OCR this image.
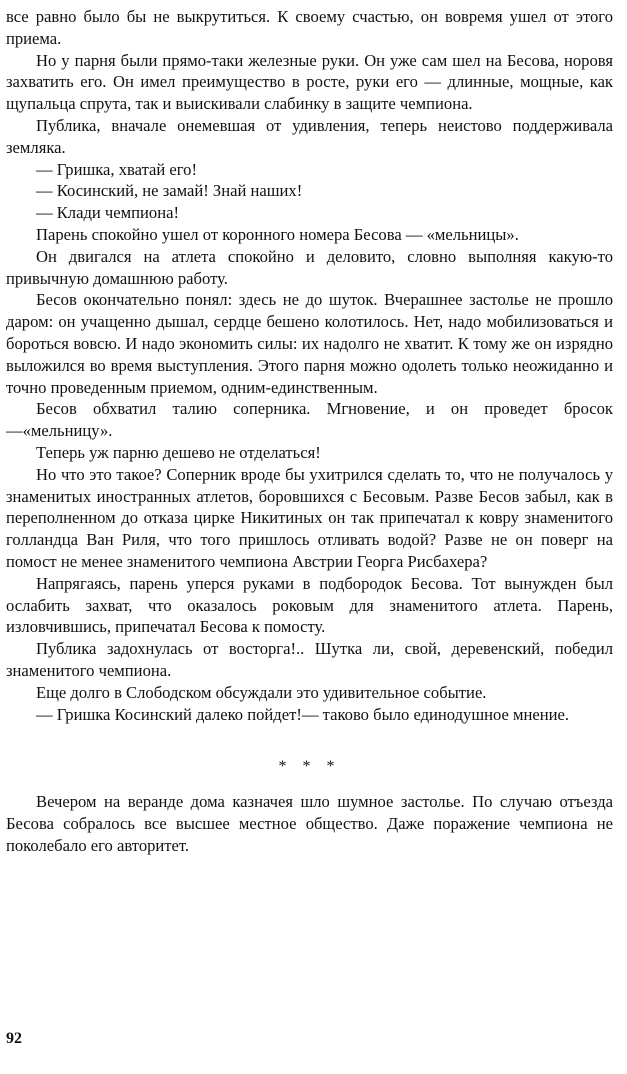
все равно было бы не выкрутиться. К своему счастью, он вовремя ушел от этого приема.

Но у парня были прямо-таки железные руки. Он уже сам шел на Бесова, норовя захватить его. Он имел преимущество в росте, руки его — длинные, мощные, как щупальца спрута, так и выискивали слабинку в защите чемпиона.

Публика, вначале онемевшая от удивления, теперь неистово поддерживала земляка.

— Гришка, хватай его!

— Косинский, не замай! Знай наших!

— Клади чемпиона!

Парень спокойно ушел от коронного номера Бесова — «мельницы».

Он двигался на атлета спокойно и деловито, словно выполняя какую-то привычную домашнюю работу.

Бесов окончательно понял: здесь не до шуток. Вчерашнее застолье не прошло даром: он учащенно дышал, сердце бешено колотилось. Нет, надо мобилизоваться и бороться вовсю. И надо экономить силы: их надолго не хватит. К тому же он изрядно выложился во время выступления. Этого парня можно одолеть только неожиданно и точно проведенным приемом, одним-единственным.

Бесов обхватил талию соперника. Мгновение, и он проведет бросок —«мельницу».

Теперь уж парню дешево не отделаться!

Но что это такое? Соперник вроде бы ухитрился сделать то, что не получалось у знаменитых иностранных атлетов, боровшихся с Бесовым. Разве Бесов забыл, как в переполненном до отказа цирке Никитиных он так припечатал к ковру знаменитого голландца Ван Риля, что того пришлось отливать водой? Разве не он поверг на помост не менее знаменитого чемпиона Австрии Георга Рисбахера?

Напрягаясь, парень уперся руками в подбородок Бесова. Тот вынужден был ослабить захват, что оказалось роковым для знаменитого атлета. Парень, изловчившись, припечатал Бесова к помосту.

Публика задохнулась от восторга!.. Шутка ли, свой, деревенский, победил знаменитого чемпиона.

Еще долго в Слободском обсуждали это удивительное событие.

— Гришка Косинский далеко пойдет!— таково было единодушное мнение.

* * *

Вечером на веранде дома казначея шло шумное застолье. По случаю отъезда Бесова собралось все высшее местное общество. Даже поражение чемпиона не поколебало его авторитет.

92
